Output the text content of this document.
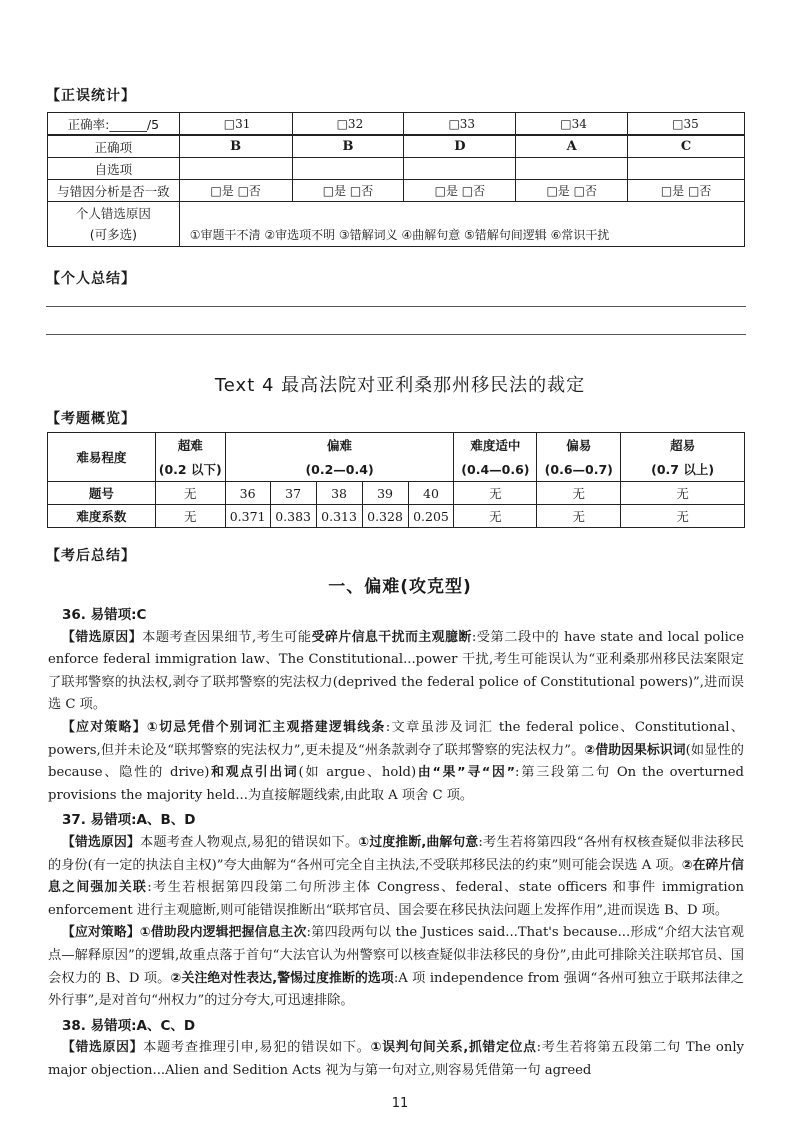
【正误统计】
正确率:______/5	□31	□32	□33	□34	□35
正确项	B	B	D	A	C
自选项					
与错因分析是否一致	□是 □否	□是 □否	□是 □否	□是 □否	□是 □否
个人错选原因
(可多选)	①审题干不清 ②审选项不明 ③错解词义 ④曲解句意 ⑤错解句间逻辑 ⑥常识干扰				
【个人总结】
Text 4 最高法院对亚利桑那州移民法的裁定
【考题概览】
难易程度	超难	偏难					难度适中	偏易	超易
	(0.2 以下)	(0.2—0.4)					(0.4—0.6)	(0.6—0.7)	(0.7 以上)
题号	无	36	37	38	39	40	无	无	无
难度系数	无	0.371	0.383	0.313	0.328	0.205	无	无	无
【考后总结】
一、偏难(攻克型)

36. 易错项:C

【错选原因】本题考查因果细节,考生可能受碎片信息干扰而主观臆断:受第二段中的 have state and local police enforce federal immigration law、The Constitutional...power 干扰,考生可能误认为“亚利桑那州移民法案限定了联邦警察的执法权,剥夺了联邦警察的宪法权力(deprived the federal police of Constitutional powers)”,进而误选 C 项。

【应对策略】①切忌凭借个别词汇主观搭建逻辑线条:文章虽涉及词汇 the federal police、Constitutional、powers,但并未论及“联邦警察的宪法权力”,更未提及“州条款剥夺了联邦警察的宪法权力”。②借助因果标识词(如显性的 because、隐性的 drive)和观点引出词(如 argue、hold)由“果”寻“因”:第三段第二句 On the overturned provisions the majority held...为直接解题线索,由此取 A 项舍 C 项。

37. 易错项:A、B、D

【错选原因】本题考查人物观点,易犯的错误如下。①过度推断,曲解句意:考生若将第四段“各州有权核查疑似非法移民的身份(有一定的执法自主权)”夸大曲解为“各州可完全自主执法,不受联邦移民法的约束”则可能会误选 A 项。②在碎片信息之间强加关联:考生若根据第四段第二句所涉主体 Congress、federal、state officers 和事件 immigration enforcement 进行主观臆断,则可能错误推断出“联邦官员、国会要在移民执法问题上发挥作用”,进而误选 B、D 项。

【应对策略】①借助段内逻辑把握信息主次:第四段两句以 the Justices said...That's because...形成“介绍大法官观点—解释原因”的逻辑,故重点落于首句“大法官认为州警察可以核查疑似非法移民的身份”,由此可排除关注联邦官员、国会权力的 B、D 项。②关注绝对性表达,警惕过度推断的选项:A 项 independence from 强调“各州可独立于联邦法律之外行事”,是对首句“州权力”的过分夸大,可迅速排除。

38. 易错项:A、C、D

【错选原因】本题考查推理引申,易犯的错误如下。①误判句间关系,抓错定位点:考生若将第五段第二句 The only major objection...Alien and Sedition Acts 视为与第一句对立,则容易凭借第一句 agreed

11
